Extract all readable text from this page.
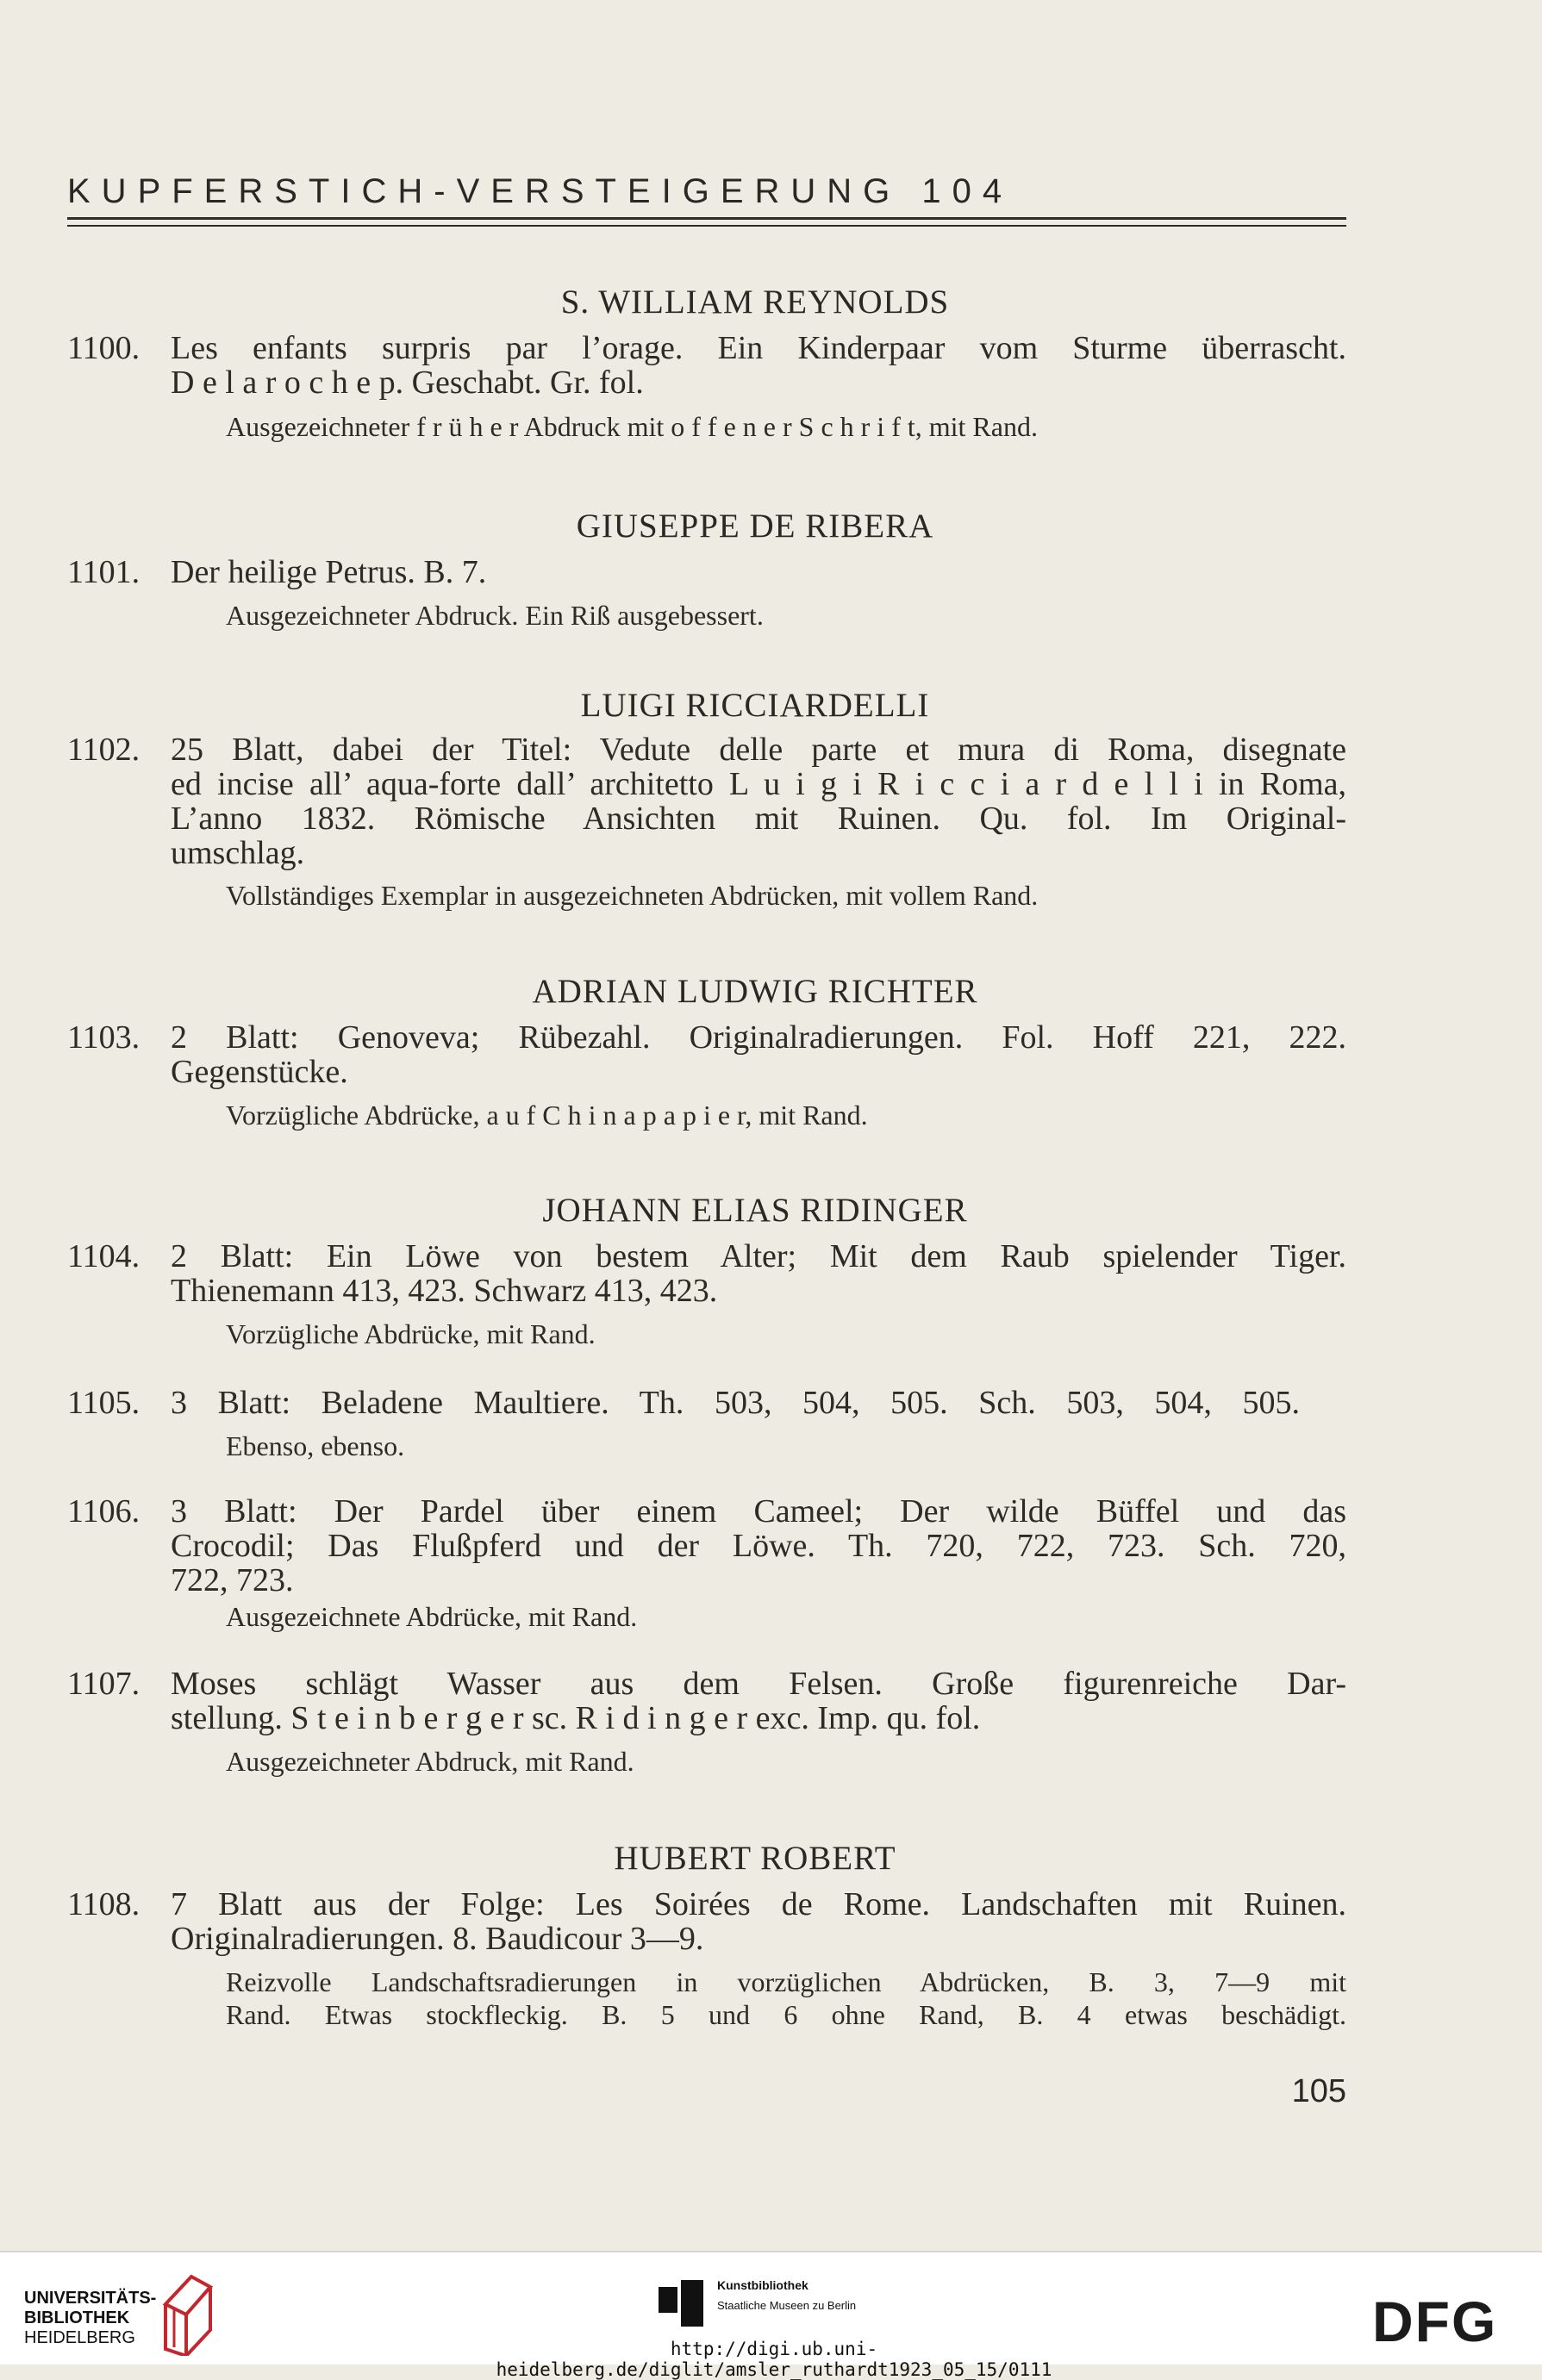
KUPFERSTICH-VERSTEIGERUNG 104
S. WILLIAM REYNOLDS
1100. Les enfants surpris par l’orage. Ein Kinderpaar vom Sturme überrascht.
D e l a r o c h e p. Geschabt. Gr. fol.
Ausgezeichneter f r ü h e r Abdruck mit o f f e n e r S c h r i f t, mit Rand.
GIUSEPPE DE RIBERA
1101. Der heilige Petrus. B. 7.
Ausgezeichneter Abdruck. Ein Riß ausgebessert.
LUIGI RICCIARDELLI
1102. 25 Blatt, dabei der Titel: Vedute delle parte et mura di Roma, disegnate
ed incise all’ aqua-forte dall’ architetto L u i g i R i c c i a r d e l l i in Roma,
L’anno 1832. Römische Ansichten mit Ruinen. Qu. fol. Im Original-
umschlag.
Vollständiges Exemplar in ausgezeichneten Abdrücken, mit vollem Rand.
ADRIAN LUDWIG RICHTER
1103. 2 Blatt: Genoveva; Rübezahl. Originalradierungen. Fol. Hoff 221, 222.
Gegenstücke.
Vorzügliche Abdrücke, a u f C h i n a p a p i e r, mit Rand.
JOHANN ELIAS RIDINGER
1104. 2 Blatt: Ein Löwe von bestem Alter; Mit dem Raub spielender Tiger.
Thienemann 413, 423. Schwarz 413, 423.
Vorzügliche Abdrücke, mit Rand.
1105. 3 Blatt: Beladene Maultiere. Th. 503, 504, 505. Sch. 503, 504, 505.
Ebenso, ebenso.
1106. 3 Blatt: Der Pardel über einem Cameel; Der wilde Büffel und das
Crocodil; Das Flußpferd und der Löwe. Th. 720, 722, 723. Sch. 720,
722, 723.
Ausgezeichnete Abdrücke, mit Rand.
1107. Moses schlägt Wasser aus dem Felsen. Große figurenreiche Dar-
stellung. S t e i n b e r g e r sc. R i d i n g e r exc. Imp. qu. fol.
Ausgezeichneter Abdruck, mit Rand.
HUBERT ROBERT
1108. 7 Blatt aus der Folge: Les Soirées de Rome. Landschaften mit Ruinen.
Originalradierungen. 8. Baudicour 3—9.
Reizvolle Landschaftsradierungen in vorzüglichen Abdrücken, B. 3, 7—9 mit
Rand. Etwas stockfleckig. B. 5 und 6 ohne Rand, B. 4 etwas beschädigt.
105
UNIVERSITÄTS-
BIBLIOTHEK
HEIDELBERG
Kunstbibliothek
Staatliche Museen zu Berlin	DFG
http://digi.ub.uni-heidelberg.de/diglit/amsler_ruthardt1923_05_15/0111
